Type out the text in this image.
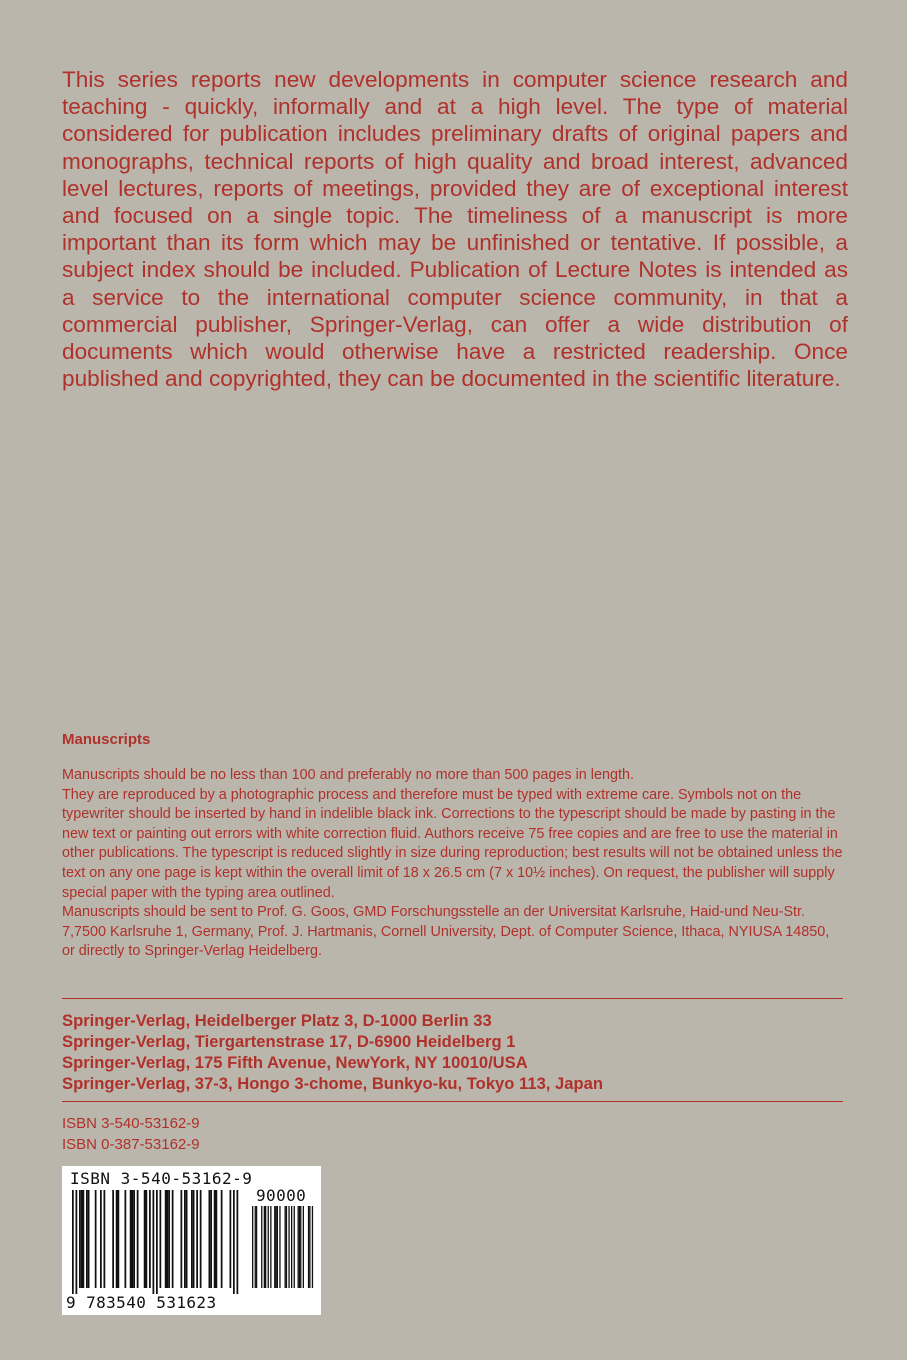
This series reports new developments in computer science research and teaching - quickly, informally and at a high level. The type of material considered for publication includes preliminary drafts of original papers and monographs, technical reports of high quality and broad interest, advanced level lectures, reports of meetings, provided they are of exceptional interest and focused on a single topic. The timeliness of a manuscript is more important than its form which may be unfinished or tentative. If possible, a subject index should be included. Publication of Lecture Notes is intended as a service to the international computer science community, in that a commercial publisher, Springer-Verlag, can offer a wide distribution of documents which would otherwise have a restricted readership. Once published and copyrighted, they can be documented in the scientific literature.

Manuscripts

Manuscripts should be no less than 100 and preferably no more than 500 pages in length.

They are reproduced by a photographic process and therefore must be typed with extreme care. Symbols not on the typewriter should be inserted by hand in indelible black ink. Corrections to the typescript should be made by pasting in the new text or painting out errors with white correction fluid. Authors receive 75 free copies and are free to use the material in other publications. The typescript is reduced slightly in size during reproduction; best results will not be obtained unless the text on any one page is kept within the overall limit of 18 x 26.5 cm (7 x 10½ inches). On request, the publisher will supply special paper with the typing area outlined.

Manuscripts should be sent to Prof. G. Goos, GMD Forschungsstelle an der Universitat Karlsruhe, Haid-und Neu-Str. 7,7500 Karlsruhe 1, Germany, Prof. J. Hartmanis, Cornell University, Dept. of Computer Science, Ithaca, NYIUSA 14850, or directly to Springer-Verlag Heidelberg.

Springer-Verlag, Heidelberger Platz 3, D-1000 Berlin 33
Springer-Verlag, Tiergartenstrase 17, D-6900 Heidelberg 1
Springer-Verlag, 175 Fifth Avenue, NewYork, NY 10010/USA
Springer-Verlag, 37-3, Hongo 3-chome, Bunkyo-ku, Tokyo 113, Japan
ISBN 3-540-53162-9
ISBN 0-387-53162-9
ISBN 3-540-53162-9
90000
9 783540 531623
